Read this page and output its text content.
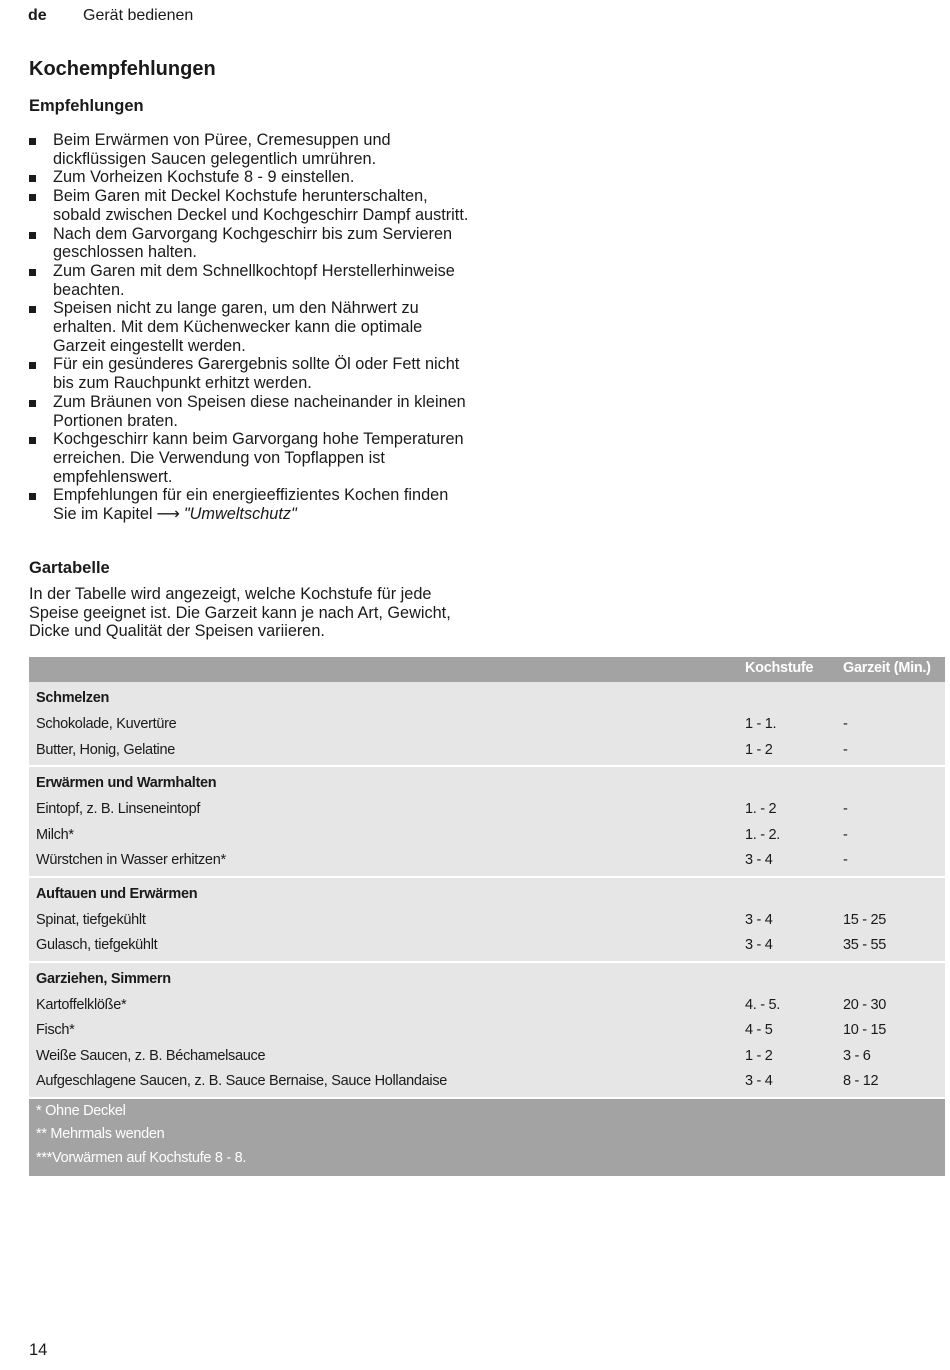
de	Gerät bedienen
Kochempfehlungen
Empfehlungen
Beim Erwärmen von Püree, Cremesuppen und dickflüssigen Saucen gelegentlich umrühren.
Zum Vorheizen Kochstufe 8 - 9 einstellen.
Beim Garen mit Deckel Kochstufe herunterschalten, sobald zwischen Deckel und Kochgeschirr Dampf austritt.
Nach dem Garvorgang Kochgeschirr bis zum Servieren geschlossen halten.
Zum Garen mit dem Schnellkochtopf Herstellerhinweise beachten.
Speisen nicht zu lange garen, um den Nährwert zu erhalten. Mit dem Küchenwecker kann die optimale Garzeit eingestellt werden.
Für ein gesünderes Garergebnis sollte Öl oder Fett nicht bis zum Rauchpunkt erhitzt werden.
Zum Bräunen von Speisen diese nacheinander in kleinen Portionen braten.
Kochgeschirr kann beim Garvorgang hohe Temperaturen erreichen. Die Verwendung von Topflappen ist empfehlenswert.
Empfehlungen für ein energieeffizientes Kochen finden Sie im Kapitel ⟶ "Umweltschutz"
Gartabelle

In der Tabelle wird angezeigt, welche Kochstufe für jede Speise geeignet ist. Die Garzeit kann je nach Art, Gewicht, Dicke und Qualität der Speisen variieren.

Kochstufe Garzeit (Min.)
Schmelzen
Schokolade, Kuvertüre	1 - 1.	-
Butter, Honig, Gelatine	1 - 2	-
Erwärmen und Warmhalten
Eintopf, z. B. Linseneintopf	1. - 2	-
Milch*	1. - 2.	-
Würstchen in Wasser erhitzen*	3 - 4	-
Auftauen und Erwärmen
Spinat, tiefgekühlt	3 - 4	15 - 25
Gulasch, tiefgekühlt	3 - 4	35 - 55
Garziehen, Simmern
Kartoffelklöße*	4. - 5.	20 - 30
Fisch*	4 - 5	10 - 15
Weiße Saucen, z. B. Béchamelsauce	1 - 2	3 - 6
Aufgeschlagene Saucen, z. B. Sauce Bernaise, Sauce Hollandaise	3 - 4	8 - 12
* Ohne Deckel
** Mehrmals wenden
***Vorwärmen auf Kochstufe 8 - 8.
14
